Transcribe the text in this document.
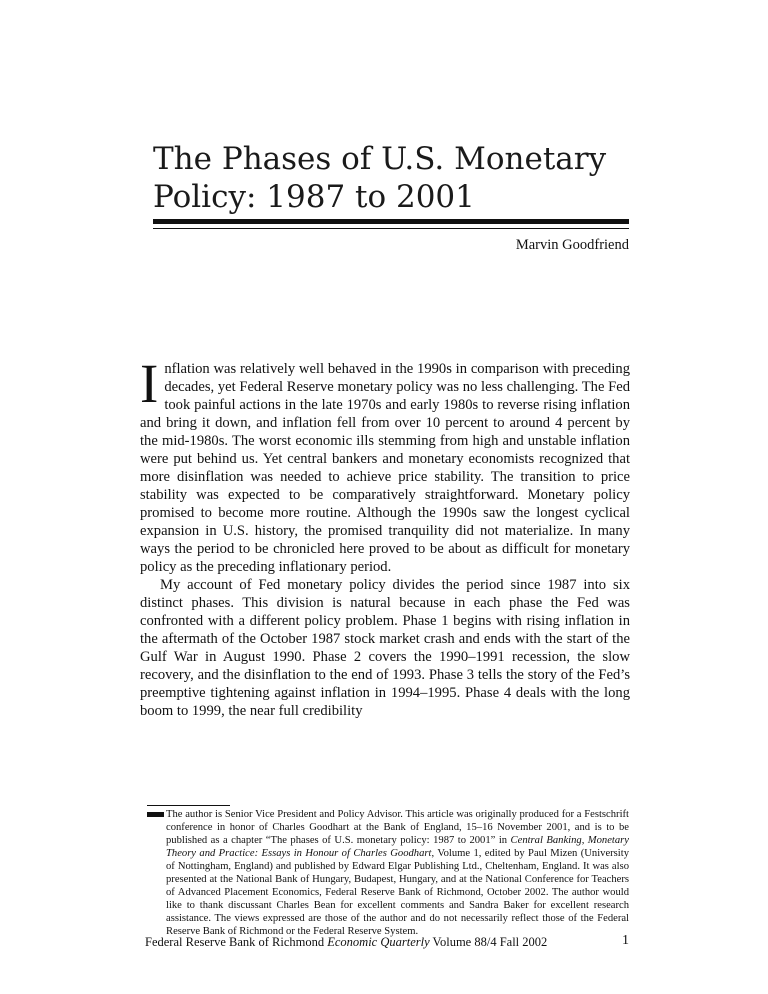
The Phases of U.S. Monetary
Policy: 1987 to 2001
Marvin Goodfriend

Inflation was relatively well behaved in the 1990s in comparison with preceding decades, yet Federal Reserve monetary policy was no less challenging. The Fed took painful actions in the late 1970s and early 1980s to reverse rising inflation and bring it down, and inflation fell from over 10 percent to around 4 percent by the mid-1980s. The worst economic ills stemming from high and unstable inflation were put behind us. Yet central bankers and monetary economists recognized that more disinflation was needed to achieve price stability. The transition to price stability was expected to be comparatively straightforward. Monetary policy promised to become more routine. Although the 1990s saw the longest cyclical expansion in U.S. history, the promised tranquility did not materialize. In many ways the period to be chronicled here proved to be about as difficult for monetary policy as the preceding inflationary period.

My account of Fed monetary policy divides the period since 1987 into six distinct phases. This division is natural because in each phase the Fed was confronted with a different policy problem. Phase 1 begins with rising inflation in the aftermath of the October 1987 stock market crash and ends with the start of the Gulf War in August 1990. Phase 2 covers the 1990–1991 recession, the slow recovery, and the disinflation to the end of 1993. Phase 3 tells the story of the Fed’s preemptive tightening against inflation in 1994–1995. Phase 4 deals with the long boom to 1999, the near full credibility

The author is Senior Vice President and Policy Advisor. This article was originally produced for a Festschrift conference in honor of Charles Goodhart at the Bank of England, 15–16 November 2001, and is to be published as a chapter “The phases of U.S. monetary policy: 1987 to 2001” in Central Banking, Monetary Theory and Practice: Essays in Honour of Charles Goodhart, Volume 1, edited by Paul Mizen (University of Nottingham, England) and published by Edward Elgar Publishing Ltd., Cheltenham, England. It was also presented at the National Bank of Hungary, Budapest, Hungary, and at the National Conference for Teachers of Advanced Placement Economics, Federal Reserve Bank of Richmond, October 2002. The author would like to thank discussant Charles Bean for excellent comments and Sandra Baker for excellent research assistance. The views expressed are those of the author and do not necessarily reflect those of the Federal Reserve Bank of Richmond or the Federal Reserve System.
Federal Reserve Bank of Richmond Economic Quarterly Volume 88/4 Fall 2002	1
